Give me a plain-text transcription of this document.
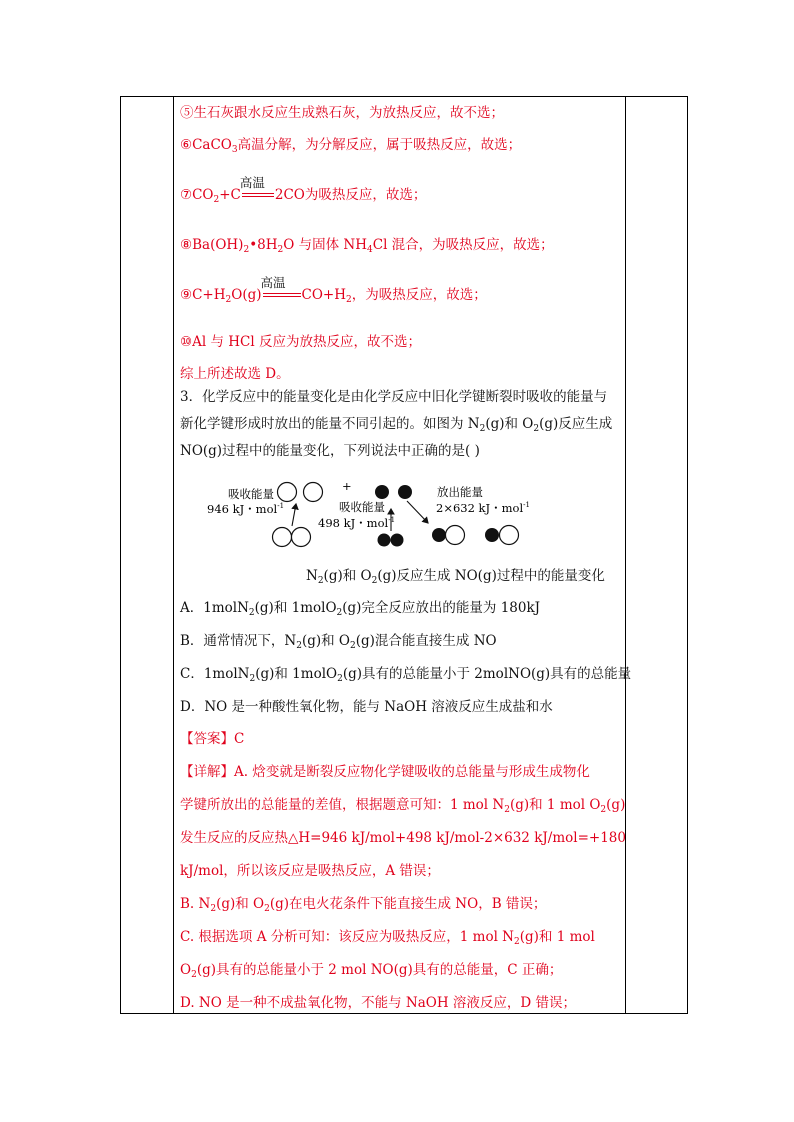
⑤生石灰跟水反应生成熟石灰，为放热反应，故不选；
⑥CaCO$_3$高温分解，为分解反应，属于吸热反应，故选；
$⑦CO_2+C$
高温
2CO为吸热反应，故选；
$⑧Ba(OH)_2•8H_2O$ 与固体 $NH_4Cl$ 混合，为吸热反应，故选；
$⑨C+H_2O(g)$
高温
$CO+H_2$，为吸热反应，故选；
⑩Al 与 HCl 反应为放热反应，故不选；
综上所述故选 D。
3．化学反应中的能量变化是由化学反应中旧化学键断裂时吸收的能量与
新化学键形成时放出的能量不同引起的。如图为 $N_2(g)$和 $O_2(g)$反应生成
NO(g)过程中的能量变化，下列说法中正确的是( )
吸收能量
946 kJ・mol$^{-1}$
+
吸收能量
498 kJ・mol$^{-1}$
放出能量
2×632 kJ・mol$^{-1}$
$N_2(g)$和 $O_2(g)$反应生成 NO(g)过程中的能量变化
A．1molN$_2$(g)和 1molO$_2$(g)完全反应放出的能量为 180kJ
B．通常情况下，$N_2(g)$和 $O_2(g)$混合能直接生成 NO
C．1molN$_2$(g)和 1molO$_2$(g)具有的总能量小于 2molNO(g)具有的总能量
D．NO 是一种酸性氧化物，能与 NaOH 溶液反应生成盐和水
【答案】C
【详解】A. 焓变就是断裂反应物化学键吸收的总能量与形成生成物化
学键所放出的总能量的差值，根据题意可知：1 mol $N_2(g)$和 1 mol $O_2(g)$
发生反应的反应热△H=946 kJ/mol+498 kJ/mol-2×632 kJ/mol=+180
kJ/mol，所以该反应是吸热反应，A 错误；
B. $N_2(g)$和 $O_2(g)$在电火花条件下能直接生成 NO，B 错误；
C. 根据选项 A 分析可知：该反应为吸热反应，1 mol $N_2(g)$和 1 mol
$O_2(g)$具有的总能量小于 2 mol NO(g)具有的总能量，C 正确；
D. NO 是一种不成盐氧化物，不能与 NaOH 溶液反应，D 错误；
